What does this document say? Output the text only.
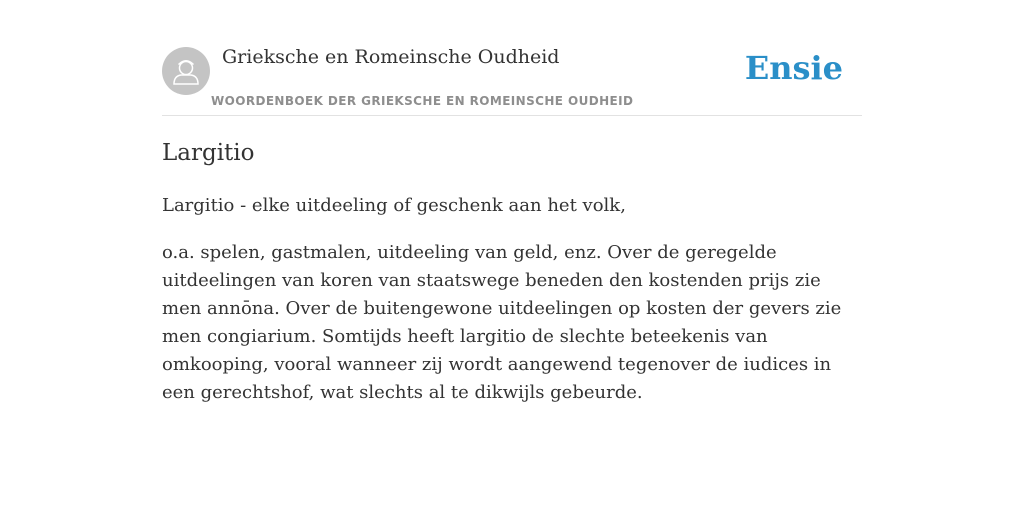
Grieksche en Romeinsche Oudheid
WOORDENBOEK DER GRIEKSCHE EN ROMEINSCHE OUDHEID
Ensie
Largitio

Largitio - elke uitdeeling of geschenk aan het volk,

o.a. spelen, gastmalen, uitdeeling van geld, enz. Over de geregelde uitdeelingen van koren van staatswege beneden den kostenden prijs zie men annōna. Over de buitengewone uitdeelingen op kosten der gevers zie men congiarium. Somtijds heeft largitio de slechte beteekenis van omkooping, vooral wanneer zij wordt aangewend tegenover de iudices in een gerechtshof, wat slechts al te dikwijls gebeurde.
